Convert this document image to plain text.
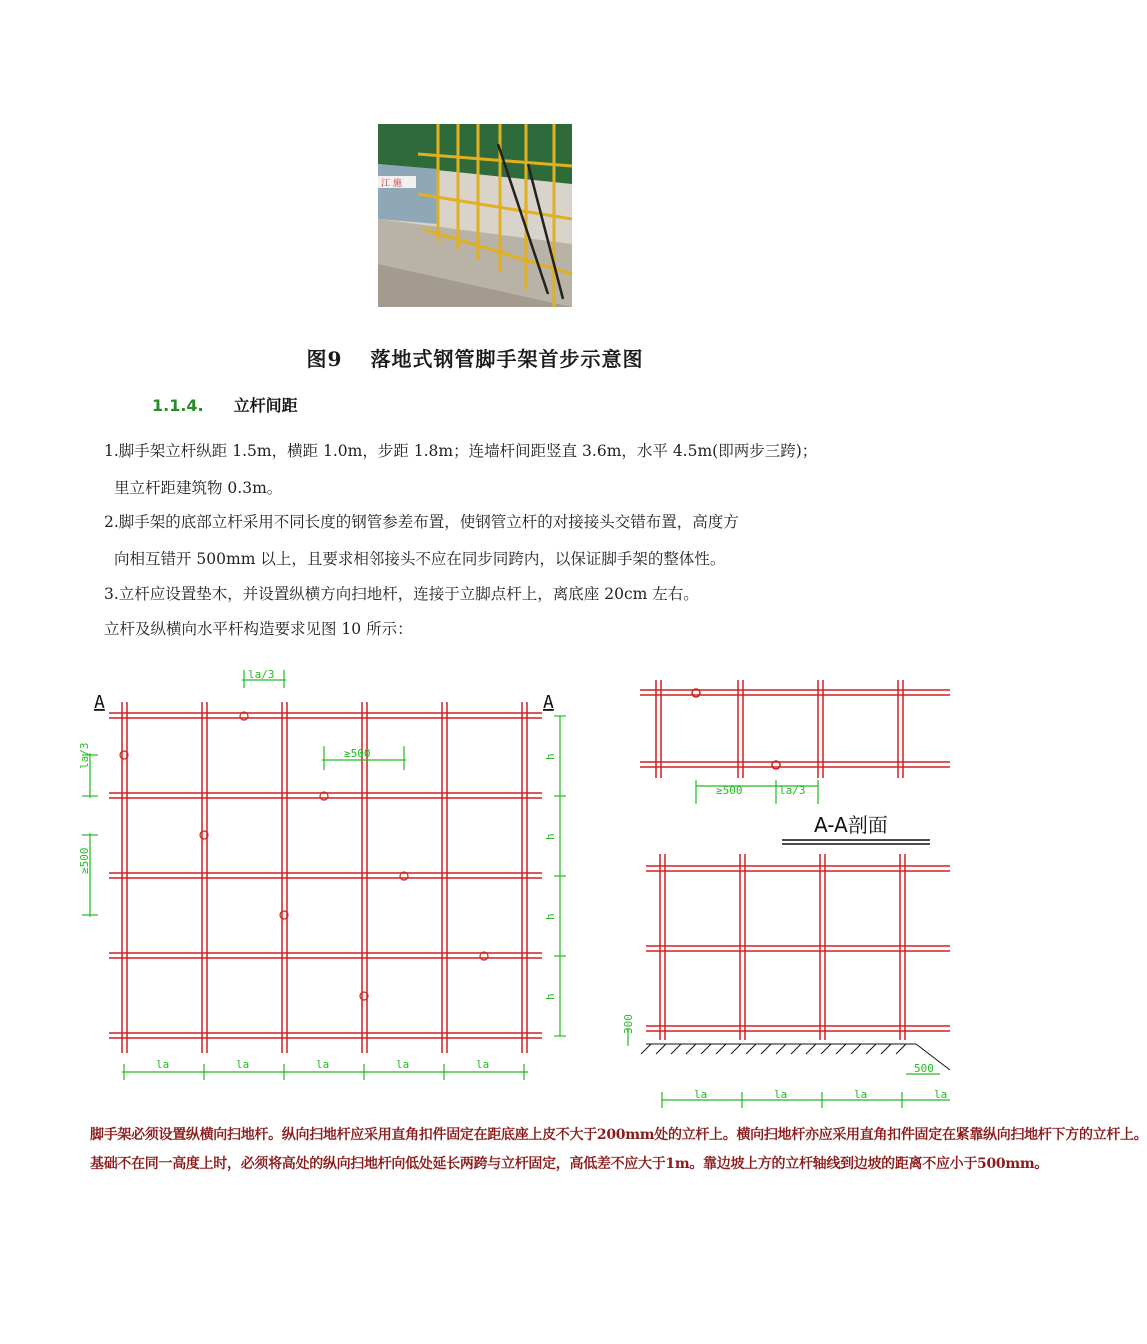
江 施
图9 落地式钢管脚手架首步示意图
1.1.4. 立杆间距
1.脚手架立杆纵距 1.5m，横距 1.0m，步距 1.8m；连墙杆间距竖直 3.6m，水平 4.5m(即两步三跨)；
里立杆距建筑物 0.3m。
2.脚手架的底部立杆采用不同长度的钢管参差布置，使钢管立杆的对接接头交错布置，高度方
向相互错开 500mm 以上，且要求相邻接头不应在同步同跨内，以保证脚手架的整体性。
3.立杆应设置垫木，并设置纵横方向扫地杆，连接于立脚点杆上，离底座 20cm 左右。
立杆及纵横向水平杆构造要求见图 10 所示：
A	A
la/3
≥500
la/3
≥500
h
h
h
h
la	la	la	la	la
≥500	la/3
A-A剖面
300
500
la	la	la	la
脚手架必须设置纵横向扫地杆。纵向扫地杆应采用直角扣件固定在距底座上皮不大于200mm处的立杆上。横向扫地杆亦应采用直角扣件固定在紧靠纵向扫地杆下方的立杆上。
基础不在同一高度上时，必须将高处的纵向扫地杆向低处延长两跨与立杆固定，高低差不应大于1m。靠边坡上方的立杆轴线到边坡的距离不应小于500mm。
